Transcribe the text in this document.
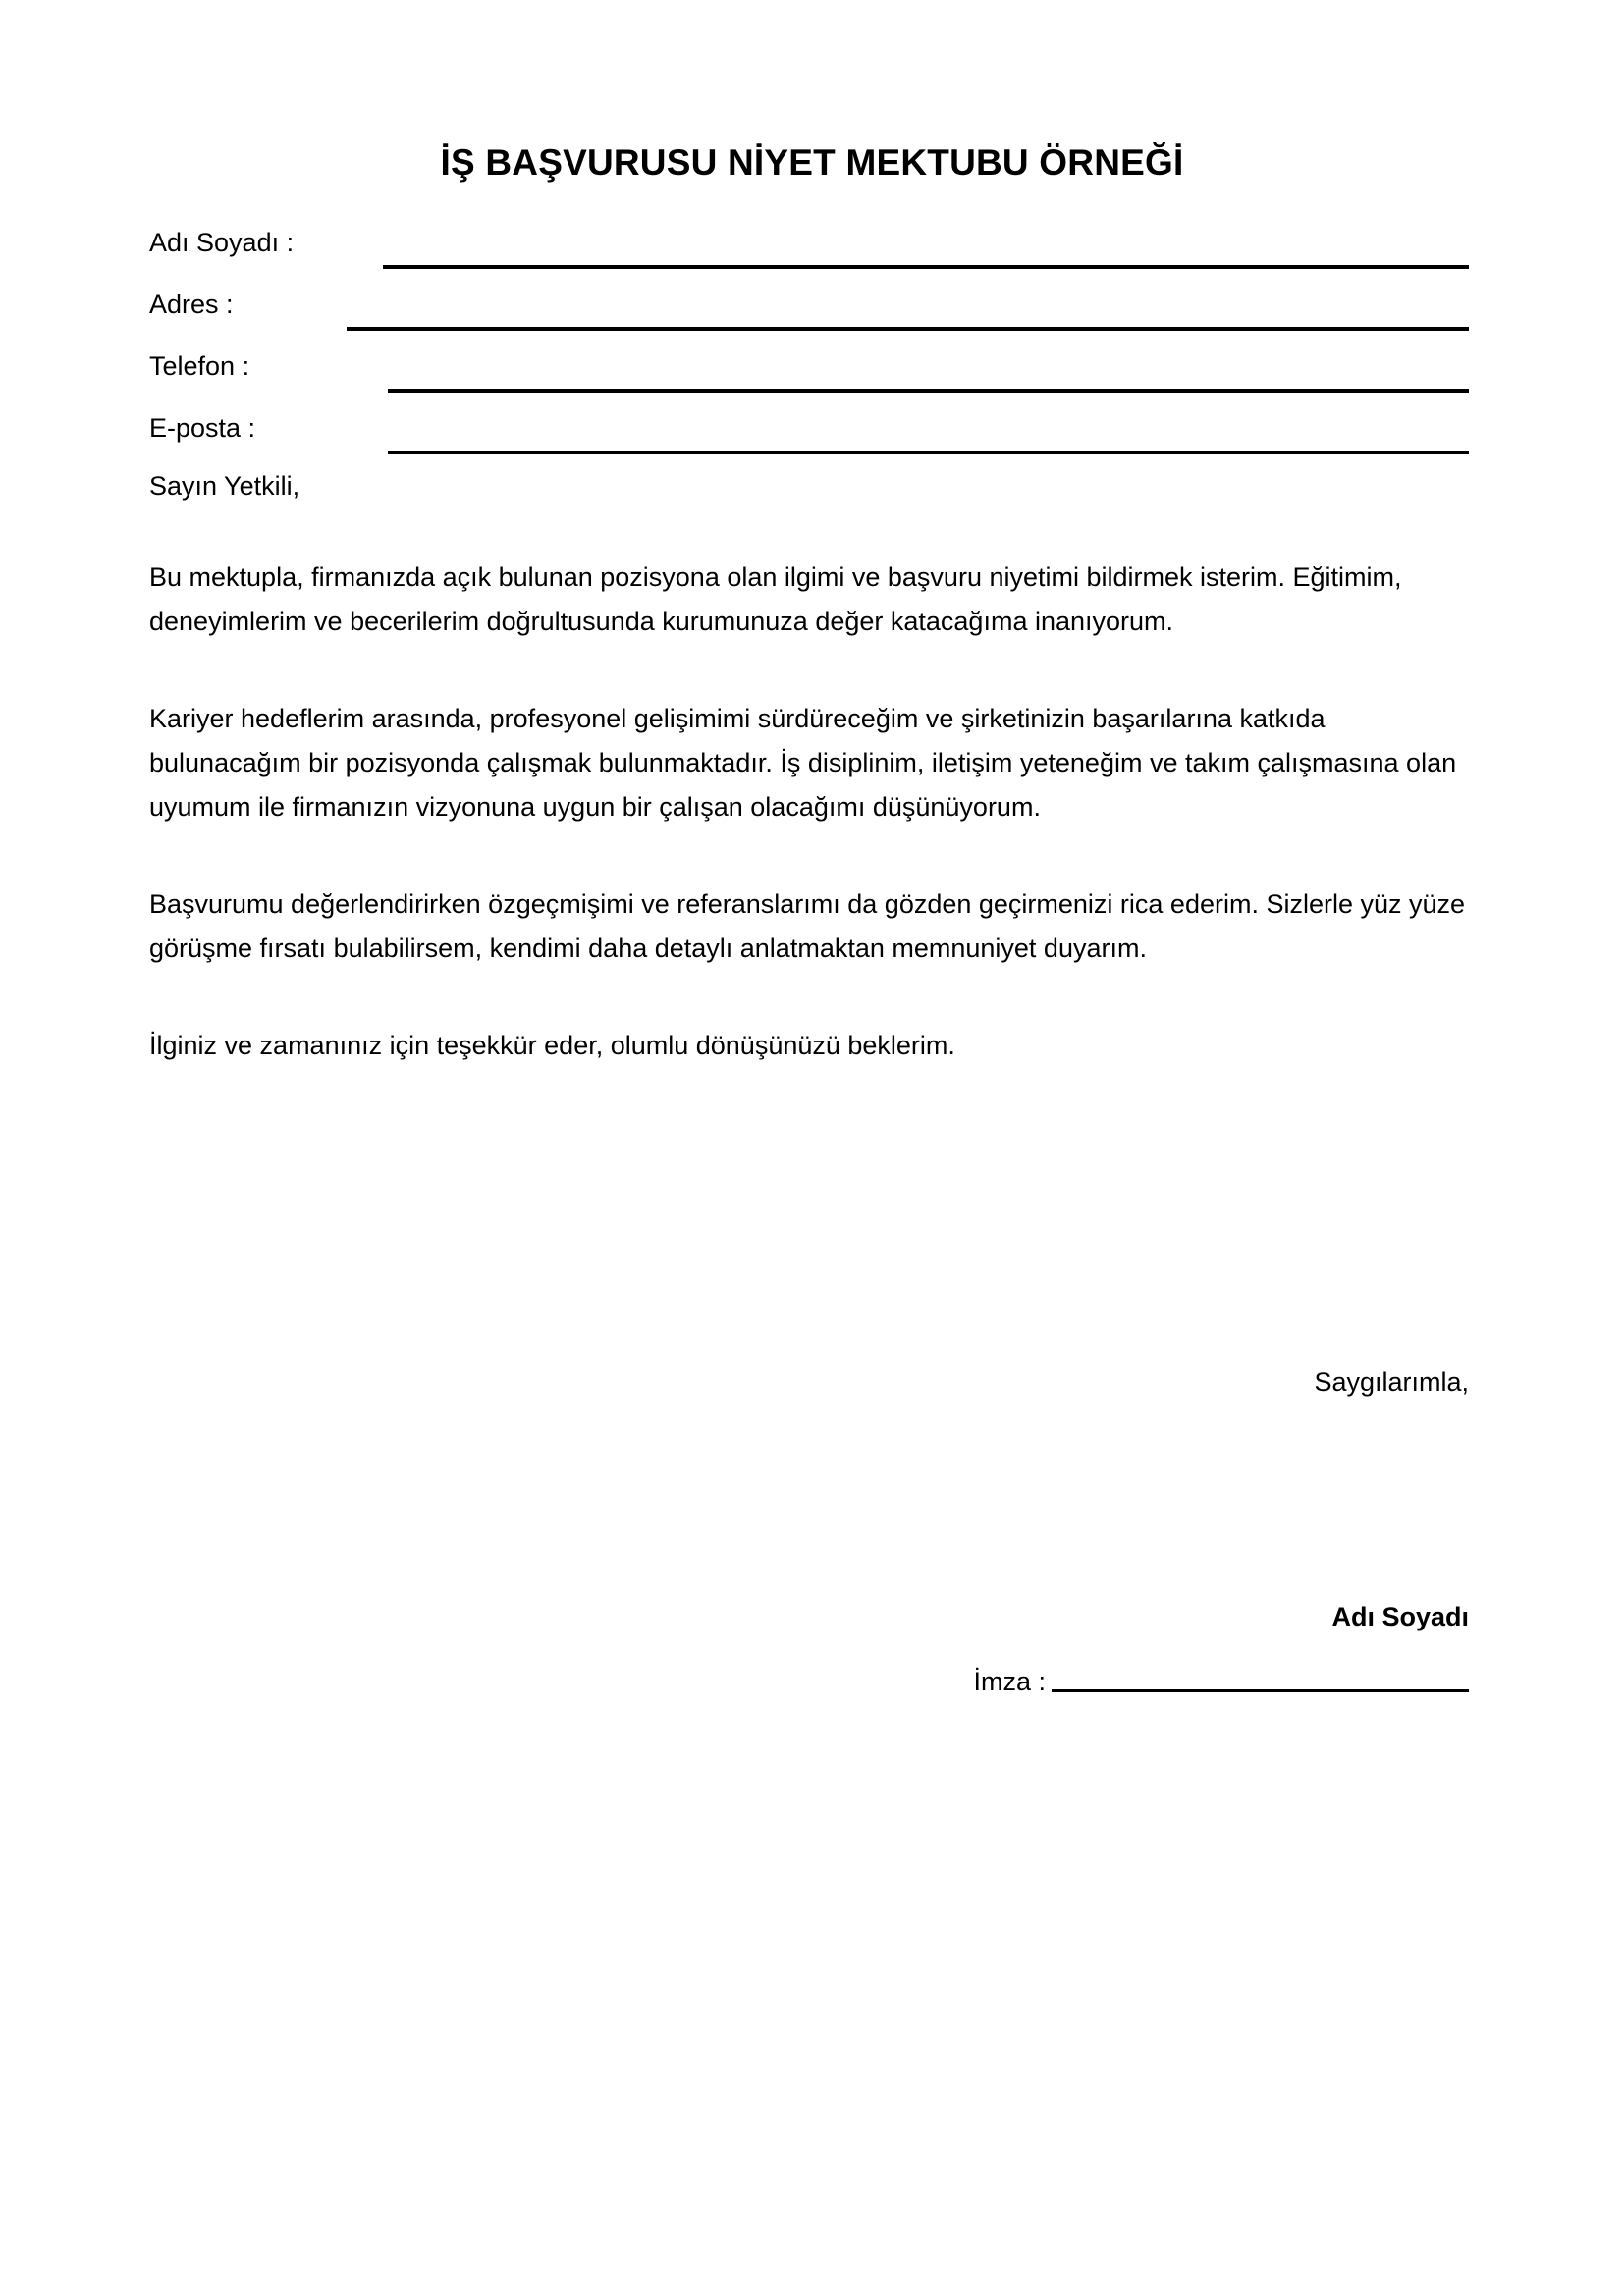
İŞ BAŞVURUSU NİYET MEKTUBU ÖRNEĞİ
Adı Soyadı :
Adres :
Telefon :
E-posta :

Sayın Yetkili,

Bu mektupla, firmanızda açık bulunan pozisyona olan ilgimi ve başvuru niyetimi bildirmek isterim. Eğitimim, deneyimlerim ve becerilerim doğrultusunda kurumunuza değer katacağıma inanıyorum.

Kariyer hedeflerim arasında, profesyonel gelişimimi sürdüreceğim ve şirketinizin başarılarına katkıda bulunacağım bir pozisyonda çalışmak bulunmaktadır. İş disiplinim, iletişim yeteneğim ve takım çalışmasına olan uyumum ile firmanızın vizyonuna uygun bir çalışan olacağımı düşünüyorum.

Başvurumu değerlendirirken özgeçmişimi ve referanslarımı da gözden geçirmenizi rica ederim. Sizlerle yüz yüze görüşme fırsatı bulabilirsem, kendimi daha detaylı anlatmaktan memnuniyet duyarım.

İlginiz ve zamanınız için teşekkür eder, olumlu dönüşünüzü beklerim.

Saygılarımla,
Adı Soyadı
İmza :
